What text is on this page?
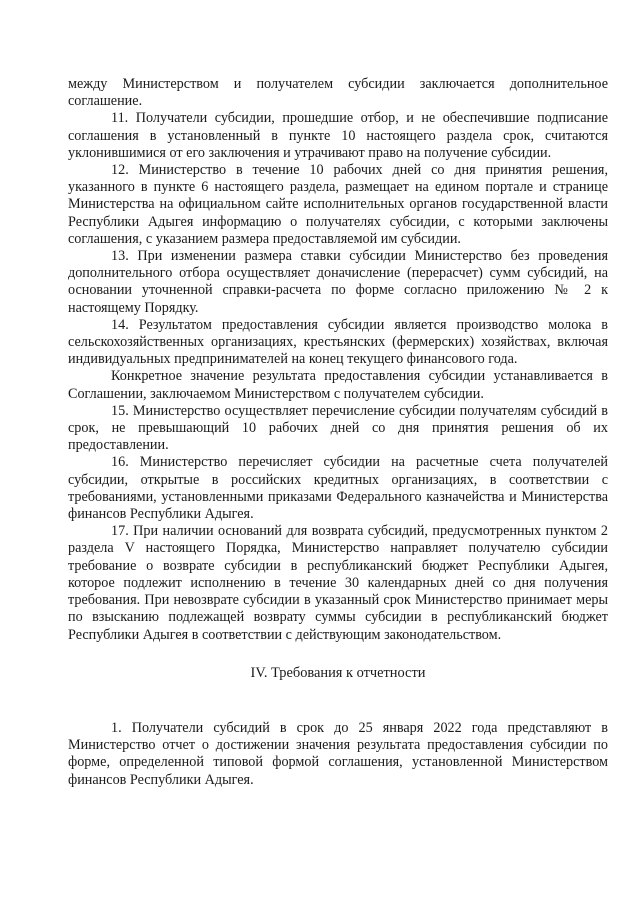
между Министерством и получателем субсидии заключается дополнительное соглашение.

11. Получатели субсидии, прошедшие отбор, и не обеспечившие подписание соглашения в установленный в пункте 10 настоящего раздела срок, считаются уклонившимися от его заключения и утрачивают право на получение субсидии.

12. Министерство в течение 10 рабочих дней со дня принятия решения, указанного в пункте 6 настоящего раздела, размещает на едином портале и странице Министерства на официальном сайте исполнительных органов государственной власти Республики Адыгея информацию о получателях субсидии, с которыми заключены соглашения, с указанием размера предоставляемой им субсидии.

13. При изменении размера ставки субсидии Министерство без проведения дополнительного отбора осуществляет доначисление (перерасчет) сумм субсидий, на основании уточненной справки-расчета по форме согласно приложению № 2 к настоящему Порядку.

14. Результатом предоставления субсидии является производство молока в сельскохозяйственных организациях, крестьянских (фермерских) хозяйствах, включая индивидуальных предпринимателей на конец текущего финансового года.

Конкретное значение результата предоставления субсидии устанавливается в Соглашении, заключаемом Министерством с получателем субсидии.

15. Министерство осуществляет перечисление субсидии получателям субсидий в срок, не превышающий 10 рабочих дней со дня принятия решения об их предоставлении.

16. Министерство перечисляет субсидии на расчетные счета получателей субсидии, открытые в российских кредитных организациях, в соответствии с требованиями, установленными приказами Федерального казначейства и Министерства финансов Республики Адыгея.

17. При наличии оснований для возврата субсидий, предусмотренных пунктом 2 раздела V настоящего Порядка, Министерство направляет получателю субсидии требование о возврате субсидии в республиканский бюджет Республики Адыгея, которое подлежит исполнению в течение 30 календарных дней со дня получения требования. При невозврате субсидии в указанный срок Министерство принимает меры по взысканию подлежащей возврату суммы субсидии в республиканский бюджет Республики Адыгея в соответствии с действующим законодательством.

IV. Требования к отчетности

1. Получатели субсидий в срок до 25 января 2022 года представляют в Министерство отчет о достижении значения результата предоставления субсидии по форме, определенной типовой формой соглашения, установленной Министерством финансов Республики Адыгея.
